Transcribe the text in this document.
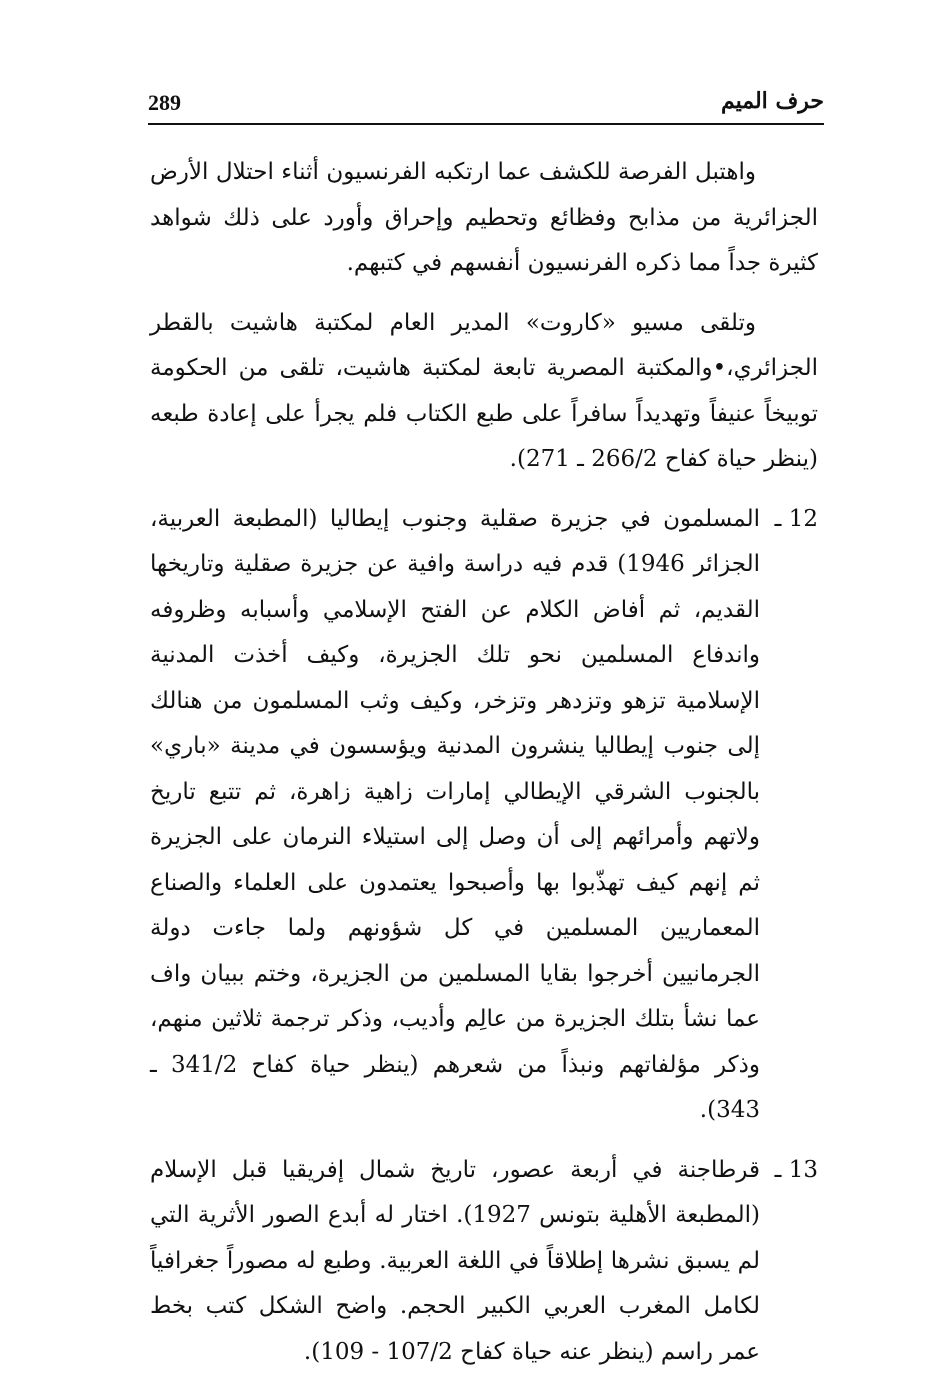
289	حرف الميم

واهتبل الفرصة للكشف عما ارتكبه الفرنسيون أثناء احتلال الأرض الجزائرية من مذابح وفظائع وتحطيم وإحراق وأورد على ذلك شواهد كثيرة جداً مما ذكره الفرنسيون أنفسهم في كتبهم.

وتلقى مسيو «كاروت» المدير العام لمكتبة هاشيت بالقطر الجزائري،•والمكتبة المصرية تابعة لمكتبة هاشيت، تلقى من الحكومة توبيخاً عنيفاً وتهديداً سافراً على طبع الكتاب فلم يجرأ على إعادة طبعه (ينظر حياة كفاح 266/2 ـ 271).

12 ـ
المسلمون في جزيرة صقلية وجنوب إيطاليا (المطبعة العربية، الجزائر 1946) قدم فيه دراسة وافية عن جزيرة صقلية وتاريخها القديم، ثم أفاض الكلام عن الفتح الإسلامي وأسبابه وظروفه واندفاع المسلمين نحو تلك الجزيرة، وكيف أخذت المدنية الإسلامية تزهو وتزدهر وتزخر، وكيف وثب المسلمون من هنالك إلى جنوب إيطاليا ينشرون المدنية ويؤسسون في مدينة «باري» بالجنوب الشرقي الإيطالي إمارات زاهية زاهرة، ثم تتبع تاريخ ولاتهم وأمرائهم إلى أن وصل إلى استيلاء النرمان على الجزيرة ثم إنهم كيف تهذّبوا بها وأصبحوا يعتمدون على العلماء والصناع المعماريين المسلمين في كل شؤونهم ولما جاءت دولة الجرمانيين أخرجوا بقايا المسلمين من الجزيرة، وختم ببيان واف عما نشأ بتلك الجزيرة من عالِم وأديب، وذكر ترجمة ثلاثين منهم، وذكر مؤلفاتهم ونبذاً من شعرهم (ينظر حياة كفاح 341/2 ـ 343).
13 ـ
قرطاجنة في أربعة عصور، تاريخ شمال إفريقيا قبل الإسلام (المطبعة الأهلية بتونس 1927). اختار له أبدع الصور الأثرية التي لم يسبق نشرها إطلاقاً في اللغة العربية. وطبع له مصوراً جغرافياً لكامل المغرب العربي الكبير الحجم. واضح الشكل كتب بخط عمر راسم (ينظر عنه حياة كفاح 107/2 - 109).
